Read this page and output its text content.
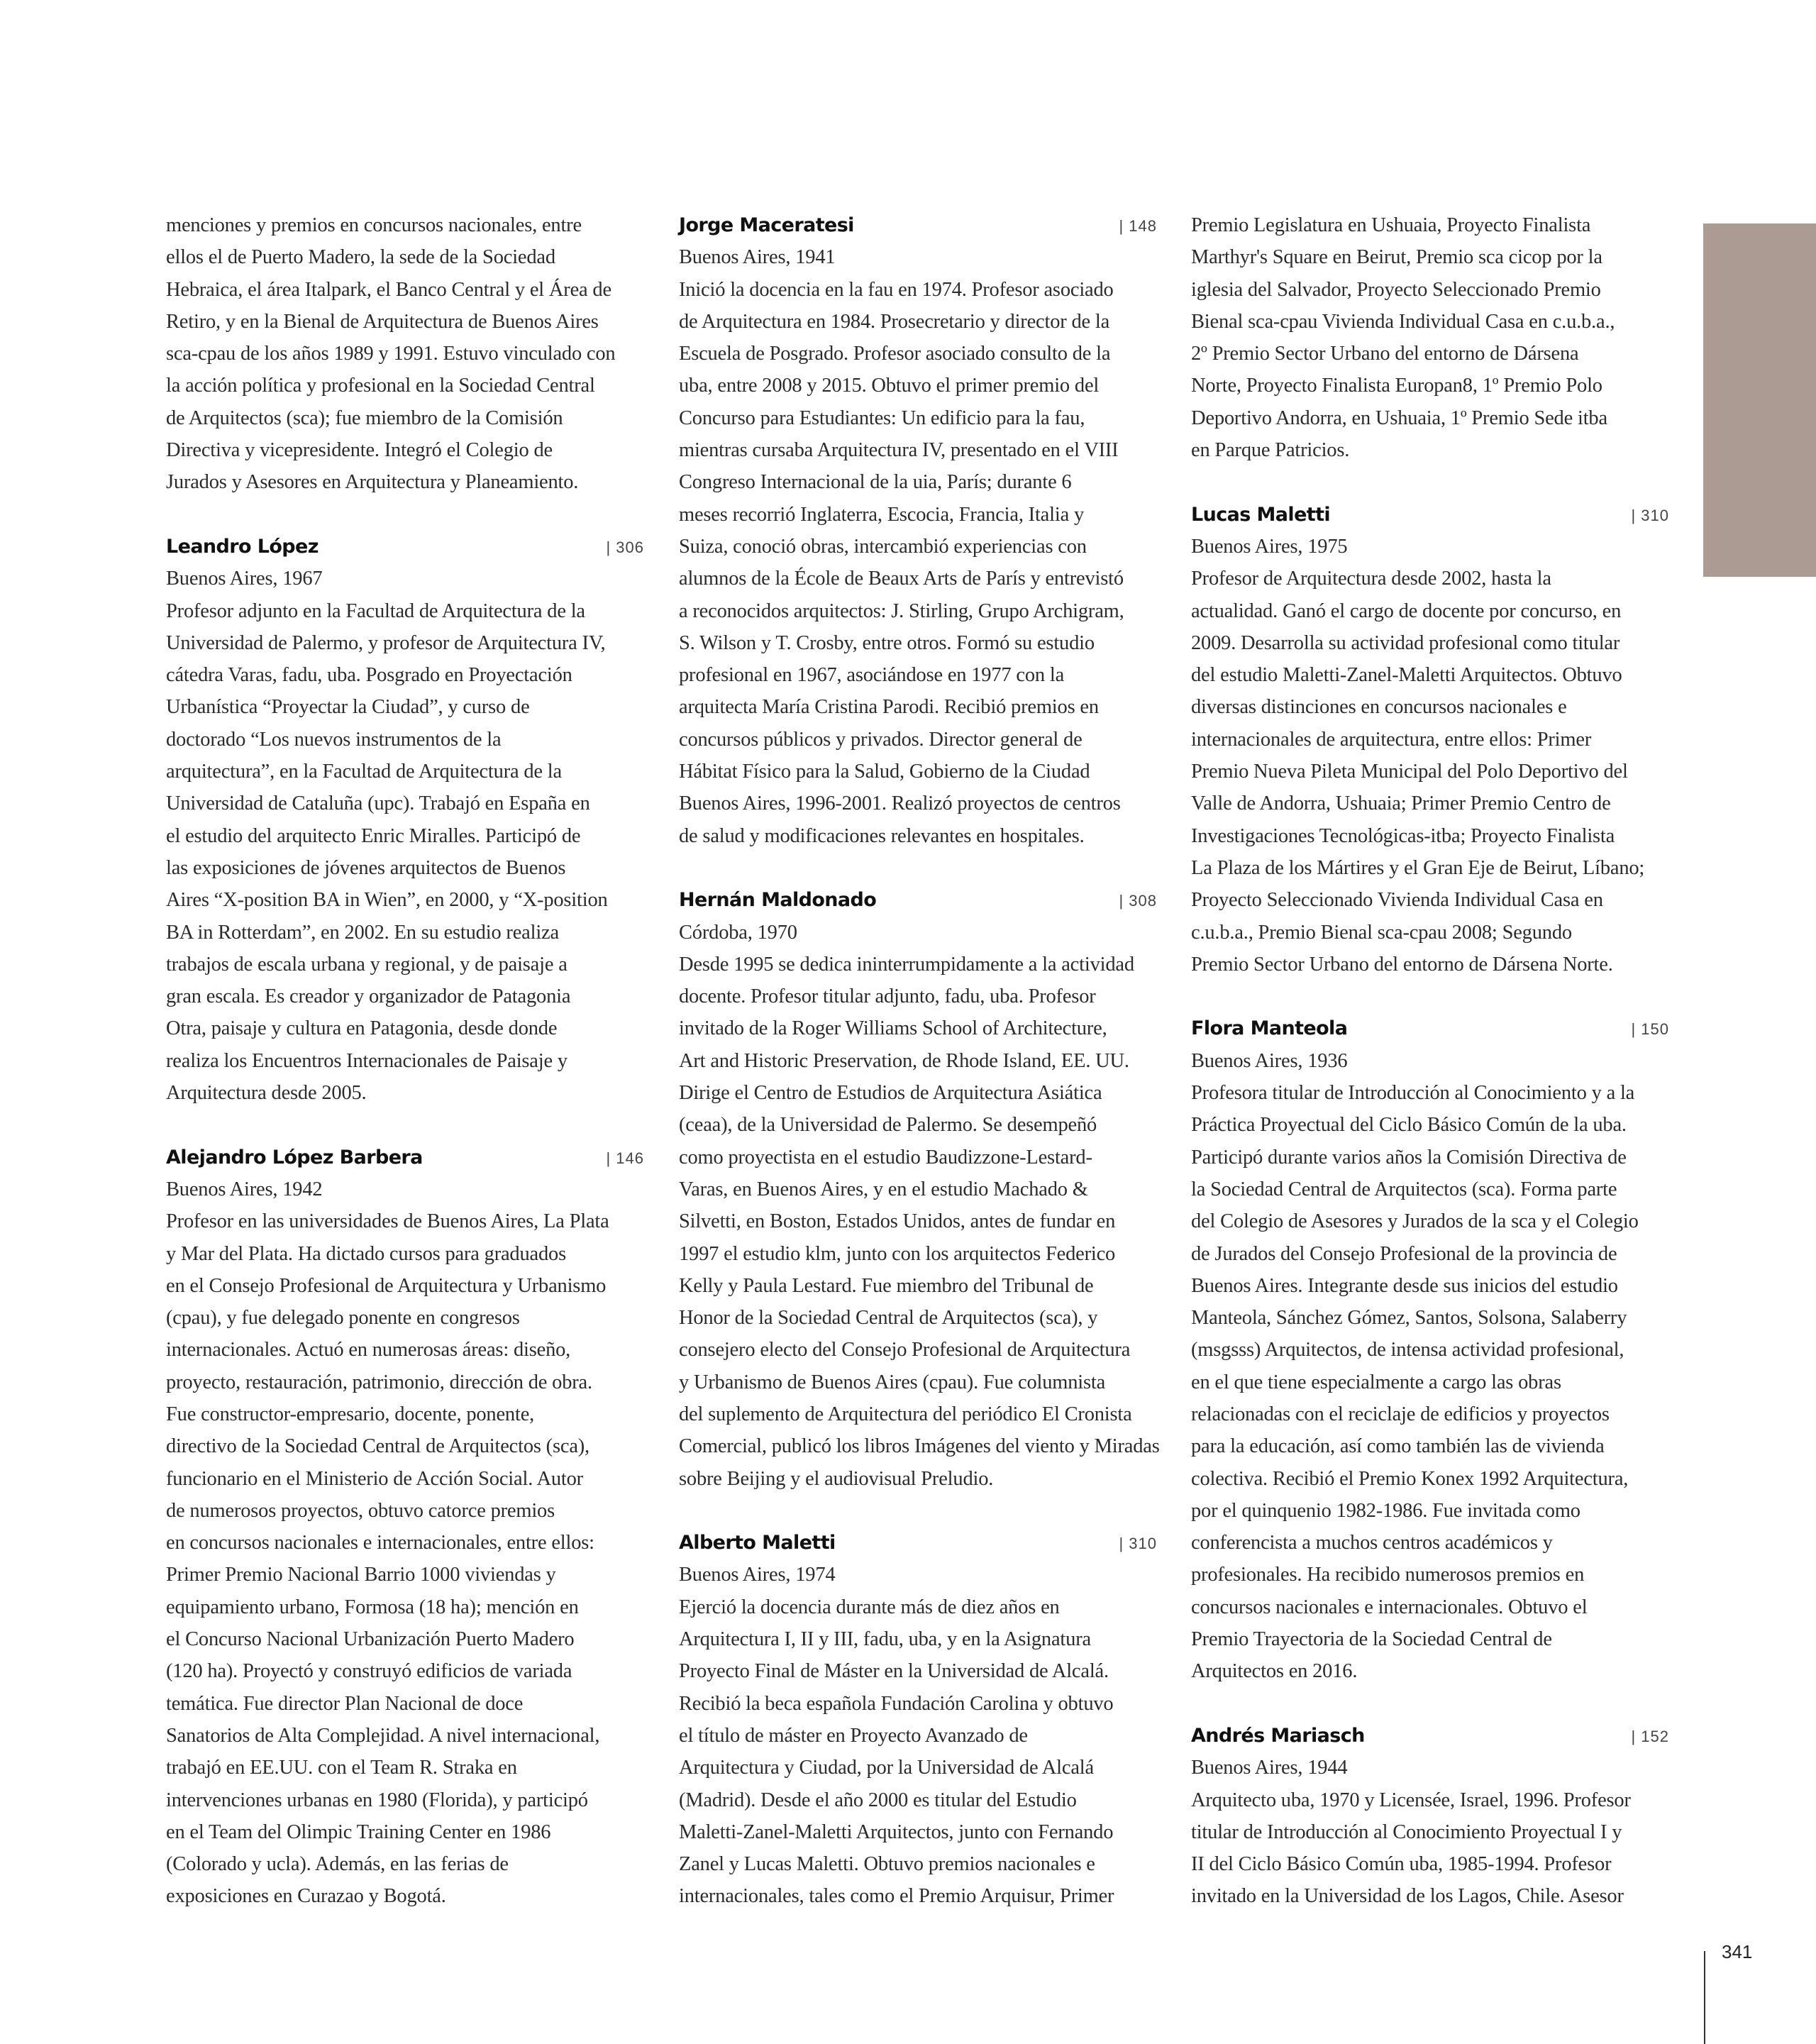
menciones y premios en concursos nacionales, entre
ellos el de Puerto Madero, la sede de la Sociedad
Hebraica, el área Italpark, el Banco Central y el Área de
Retiro, y en la Bienal de Arquitectura de Buenos Aires
sca-cpau de los años 1989 y 1991. Estuvo vinculado con
la acción política y profesional en la Sociedad Central
de Arquitectos (sca); fue miembro de la Comisión
Directiva y vicepresidente. Integró el Colegio de
Jurados y Asesores en Arquitectura y Planeamiento.
Leandro López	| 306
Buenos Aires, 1967
Profesor adjunto en la Facultad de Arquitectura de la
Universidad de Palermo, y profesor de Arquitectura IV,
cátedra Varas, fadu, uba. Posgrado en Proyectación
Urbanística “Proyectar la Ciudad”, y curso de
doctorado “Los nuevos instrumentos de la
arquitectura”, en la Facultad de Arquitectura de la
Universidad de Cataluña (upc). Trabajó en España en
el estudio del arquitecto Enric Miralles. Participó de
las exposiciones de jóvenes arquitectos de Buenos
Aires “X-position BA in Wien”, en 2000, y “X-position
BA in Rotterdam”, en 2002. En su estudio realiza
trabajos de escala urbana y regional, y de paisaje a
gran escala. Es creador y organizador de Patagonia
Otra, paisaje y cultura en Patagonia, desde donde
realiza los Encuentros Internacionales de Paisaje y
Arquitectura desde 2005.
Alejandro López Barbera	| 146
Buenos Aires, 1942
Profesor en las universidades de Buenos Aires, La Plata
y Mar del Plata. Ha dictado cursos para graduados
en el Consejo Profesional de Arquitectura y Urbanismo
(cpau), y fue delegado ponente en congresos
internacionales. Actuó en numerosas áreas: diseño,
proyecto, restauración, patrimonio, dirección de obra.
Fue constructor-empresario, docente, ponente,
directivo de la Sociedad Central de Arquitectos (sca),
funcionario en el Ministerio de Acción Social. Autor
de numerosos proyectos, obtuvo catorce premios
en concursos nacionales e internacionales, entre ellos:
Primer Premio Nacional Barrio 1000 viviendas y
equipamiento urbano, Formosa (18 ha); mención en
el Concurso Nacional Urbanización Puerto Madero
(120 ha). Proyectó y construyó edificios de variada
temática. Fue director Plan Nacional de doce
Sanatorios de Alta Complejidad. A nivel internacional,
trabajó en EE.UU. con el Team R. Straka en
intervenciones urbanas en 1980 (Florida), y participó
en el Team del Olimpic Training Center en 1986
(Colorado y ucla). Además, en las ferias de
exposiciones en Curazao y Bogotá.
Jorge Maceratesi	| 148
Buenos Aires, 1941
Inició la docencia en la fau en 1974. Profesor asociado
de Arquitectura en 1984. Prosecretario y director de la
Escuela de Posgrado. Profesor asociado consulto de la
uba, entre 2008 y 2015. Obtuvo el primer premio del
Concurso para Estudiantes: Un edificio para la fau,
mientras cursaba Arquitectura IV, presentado en el VIII
Congreso Internacional de la uia, París; durante 6
meses recorrió Inglaterra, Escocia, Francia, Italia y
Suiza, conoció obras, intercambió experiencias con
alumnos de la École de Beaux Arts de París y entrevistó
a reconocidos arquitectos: J. Stirling, Grupo Archigram,
S. Wilson y T. Crosby, entre otros. Formó su estudio
profesional en 1967, asociándose en 1977 con la
arquitecta María Cristina Parodi. Recibió premios en
concursos públicos y privados. Director general de
Hábitat Físico para la Salud, Gobierno de la Ciudad
Buenos Aires, 1996-2001. Realizó proyectos de centros
de salud y modificaciones relevantes en hospitales.
Hernán Maldonado	| 308
Córdoba, 1970
Desde 1995 se dedica ininterrumpidamente a la actividad
docente. Profesor titular adjunto, fadu, uba. Profesor
invitado de la Roger Williams School of Architecture,
Art and Historic Preservation, de Rhode Island, EE. UU.
Dirige el Centro de Estudios de Arquitectura Asiática
(ceaa), de la Universidad de Palermo. Se desempeñó
como proyectista en el estudio Baudizzone-Lestard-
Varas, en Buenos Aires, y en el estudio Machado &
Silvetti, en Boston, Estados Unidos, antes de fundar en
1997 el estudio klm, junto con los arquitectos Federico
Kelly y Paula Lestard. Fue miembro del Tribunal de
Honor de la Sociedad Central de Arquitectos (sca), y
consejero electo del Consejo Profesional de Arquitectura
y Urbanismo de Buenos Aires (cpau). Fue columnista
del suplemento de Arquitectura del periódico El Cronista
Comercial, publicó los libros Imágenes del viento y Miradas
sobre Beijing y el audiovisual Preludio.
Alberto Maletti	| 310
Buenos Aires, 1974
Ejerció la docencia durante más de diez años en
Arquitectura I, II y III, fadu, uba, y en la Asignatura
Proyecto Final de Máster en la Universidad de Alcalá.
Recibió la beca española Fundación Carolina y obtuvo
el título de máster en Proyecto Avanzado de
Arquitectura y Ciudad, por la Universidad de Alcalá
(Madrid). Desde el año 2000 es titular del Estudio
Maletti-Zanel-Maletti Arquitectos, junto con Fernando
Zanel y Lucas Maletti. Obtuvo premios nacionales e
internacionales, tales como el Premio Arquisur, Primer
Premio Legislatura en Ushuaia, Proyecto Finalista
Marthyr's Square en Beirut, Premio sca cicop por la
iglesia del Salvador, Proyecto Seleccionado Premio
Bienal sca-cpau Vivienda Individual Casa en c.u.b.a.,
2º Premio Sector Urbano del entorno de Dársena
Norte, Proyecto Finalista Europan8, 1º Premio Polo
Deportivo Andorra, en Ushuaia, 1º Premio Sede itba
en Parque Patricios.
Lucas Maletti	| 310
Buenos Aires, 1975
Profesor de Arquitectura desde 2002, hasta la
actualidad. Ganó el cargo de docente por concurso, en
2009. Desarrolla su actividad profesional como titular
del estudio Maletti-Zanel-Maletti Arquitectos. Obtuvo
diversas distinciones en concursos nacionales e
internacionales de arquitectura, entre ellos: Primer
Premio Nueva Pileta Municipal del Polo Deportivo del
Valle de Andorra, Ushuaia; Primer Premio Centro de
Investigaciones Tecnológicas-itba; Proyecto Finalista
La Plaza de los Mártires y el Gran Eje de Beirut, Líbano;
Proyecto Seleccionado Vivienda Individual Casa en
c.u.b.a., Premio Bienal sca-cpau 2008; Segundo
Premio Sector Urbano del entorno de Dársena Norte.
Flora Manteola	| 150
Buenos Aires, 1936
Profesora titular de Introducción al Conocimiento y a la
Práctica Proyectual del Ciclo Básico Común de la uba.
Participó durante varios años la Comisión Directiva de
la Sociedad Central de Arquitectos (sca). Forma parte
del Colegio de Asesores y Jurados de la sca y el Colegio
de Jurados del Consejo Profesional de la provincia de
Buenos Aires. Integrante desde sus inicios del estudio
Manteola, Sánchez Gómez, Santos, Solsona, Salaberry
(msgsss) Arquitectos, de intensa actividad profesional,
en el que tiene especialmente a cargo las obras
relacionadas con el reciclaje de edificios y proyectos
para la educación, así como también las de vivienda
colectiva. Recibió el Premio Konex 1992 Arquitectura,
por el quinquenio 1982-1986. Fue invitada como
conferencista a muchos centros académicos y
profesionales. Ha recibido numerosos premios en
concursos nacionales e internacionales. Obtuvo el
Premio Trayectoria de la Sociedad Central de
Arquitectos en 2016.
Andrés Mariasch	| 152
Buenos Aires, 1944
Arquitecto uba, 1970 y Licensée, Israel, 1996. Profesor
titular de Introducción al Conocimiento Proyectual I y
II del Ciclo Básico Común uba, 1985-1994. Profesor
invitado en la Universidad de los Lagos, Chile. Asesor
341
